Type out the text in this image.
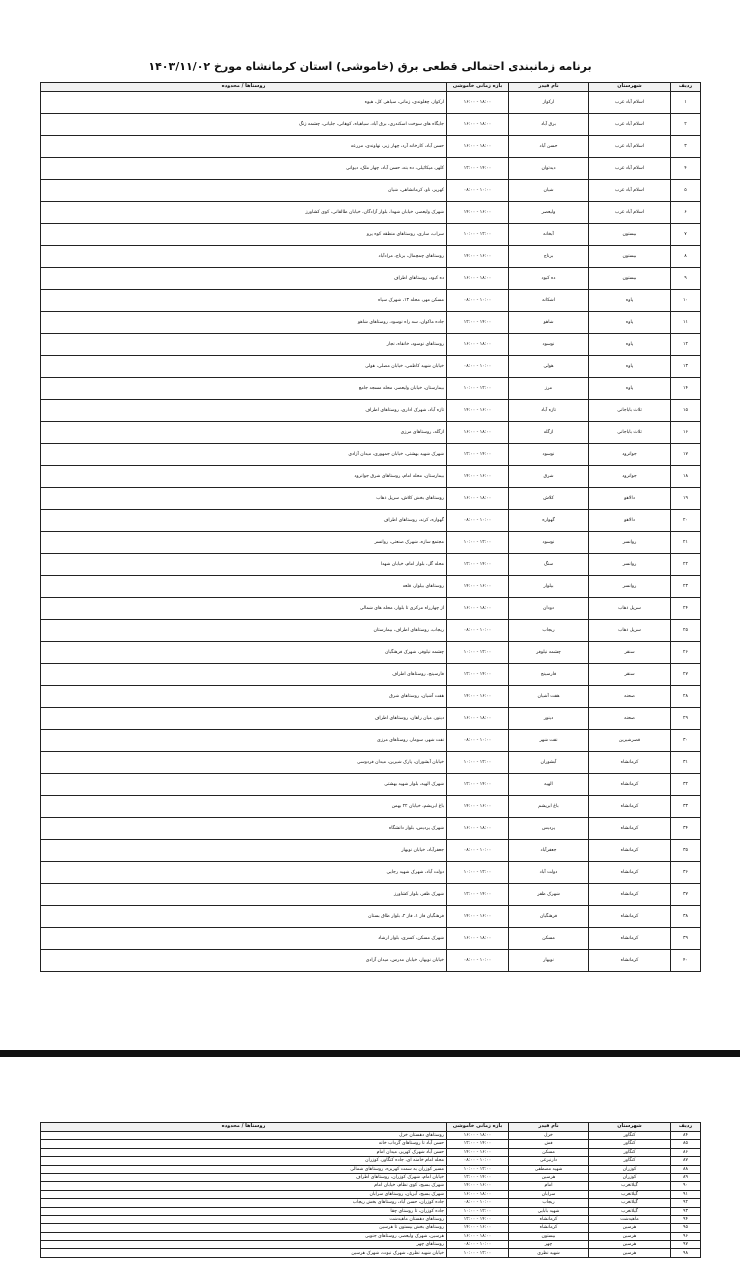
برنامه زمانبندی احتمالی قطعی برق (خاموشی) استان کرمانشاه مورخ ۱۴۰۳/۱۱/۰۲
ردیف	شهرستان	نام فیدر	بازه زمانی خاموشی	روستاها / محدوده
۱	اسلام آباد غرب	ارکواز	۱۸:۰۰ - ۱۶:۰۰	ارکواز، چغلوندی، زمانی، سیاهی کل، هیوه
۲	اسلام آباد غرب	برق آباد	۱۸:۰۰ - ۱۶:۰۰	جایگاه های سوخت اسکندری، برق آباد، سیاهیاه، کوهانی، جلیانی، چشمه زنگ
۳	اسلام آباد غرب	حسن آباد	۱۸:۰۰ - ۱۶:۰۰	حسن آباد، کارخانه آرد، چهار زبر، نهاوندی، مزرعه
۴	اسلام آباد غرب	دیدتوان	۱۴:۰۰ - ۱۲:۰۰	کلهر، میکائیلی، ده بنه، حسن آباد، چهار ملک، دیوانی
۵	اسلام آباد غرب	شیان	۱۰:۰۰ - ۰۸:۰۰	کهریز، ناو، کرمانشاهی، شیان
۶	اسلام آباد غرب	ولیعصر	۱۶:۰۰ - ۱۴:۰۰	شهرک ولیعصر، خیابان شهدا، بلوار آزادگان، خیابان طالقانی، کوی کشاورز
۷	بیستون	آبخانه	۱۲:۰۰ - ۱۰:۰۰	سراب، ساری، روستاهای منطقه کوه پرو
۸	بیستون	برناج	۱۶:۰۰ - ۱۴:۰۰	روستاهای چمچمال، برناج، مرادآباد
۹	بیستون	ده کبود	۱۸:۰۰ - ۱۶:۰۰	ده کبود، روستاهای اطراف
۱۰	پاوه	اشکانه	۱۰:۰۰ - ۰۸:۰۰	مسکن مهر، محله ۱۳، شهرک سپاه
۱۱	پاوه	شاهو	۱۴:۰۰ - ۱۲:۰۰	جاده ماکوان، سه راه نوسود، روستاهای شاهو
۱۲	پاوه	نوسود	۱۸:۰۰ - ۱۶:۰۰	روستاهای نوسود، خانقاه، نجار
۱۳	پاوه	هولی	۱۰:۰۰ - ۰۸:۰۰	خیابان شهید کاظمی، خیابان مصلی، هولی
۱۴	پاوه	مرز	۱۲:۰۰ - ۱۰:۰۰	بیمارستان، خیابان ولیعصر، محله مسجد جامع
۱۵	ثلاث باباجانی	تازه آباد	۱۶:۰۰ - ۱۴:۰۰	تازه آباد، شهرک اداری، روستاهای اطراف
۱۶	ثلاث باباجانی	ازگله	۱۸:۰۰ - ۱۶:۰۰	ازگله، روستاهای مرزی
۱۷	جوانرود	نوسود	۱۴:۰۰ - ۱۲:۰۰	شهرک شهید بهشتی، خیابان جمهوری، میدان آزادی
۱۸	جوانرود	شرق	۱۶:۰۰ - ۱۴:۰۰	بیمارستان، محله امام، روستاهای شرق جوانرود
۱۹	دالاهو	کلاش	۱۸:۰۰ - ۱۶:۰۰	روستاهای بخش کلاش، سرپل ذهاب
۲۰	دالاهو	گهواره	۱۰:۰۰ - ۰۸:۰۰	گهواره، کرند، روستاهای اطراف
۲۱	روانسر	نوسود	۱۲:۰۰ - ۱۰:۰۰	مجتمع سازه، شهرک صنعتی، روانسر
۲۲	روانسر	سنگ	۱۴:۰۰ - ۱۲:۰۰	محله گل، بلوار امام، خیابان شهدا
۲۳	روانسر	بیلوار	۱۶:۰۰ - ۱۴:۰۰	روستاهای بیلوار، قلعه
۲۴	سرپل ذهاب	دودان	۱۸:۰۰ - ۱۶:۰۰	از چهارراه مرکزی تا بلوار، محله های شمالی
۲۵	سرپل ذهاب	ریجاب	۱۰:۰۰ - ۰۸:۰۰	ریجاب، روستاهای اطراف، بیمارستان
۲۶	سنقر	چشمه نیلوفر	۱۲:۰۰ - ۱۰:۰۰	چشمه نیلوفر، شهرک فرهنگیان
۲۷	سنقر	فارسینج	۱۴:۰۰ - ۱۲:۰۰	فارسینج، روستاهای اطراف
۲۸	صحنه	هفت آشیان	۱۶:۰۰ - ۱۴:۰۰	هفت آشیان، روستاهای شرق
۲۹	صحنه	دینور	۱۸:۰۰ - ۱۶:۰۰	دینور، میان راهان، روستاهای اطراف
۳۰	قصرشیرین	نفت شهر	۱۰:۰۰ - ۰۸:۰۰	نفت شهر، سومار، روستاهای مرزی
۳۱	کرمانشاه	آبشوران	۱۲:۰۰ - ۱۰:۰۰	خیابان آبشوران، پارک شیرین، میدان فردوسی
۳۲	کرمانشاه	الهیه	۱۴:۰۰ - ۱۲:۰۰	شهرک الهیه، بلوار شهید بهشتی
۳۳	کرمانشاه	باغ ابریشم	۱۶:۰۰ - ۱۴:۰۰	باغ ابریشم، خیابان ۲۲ بهمن
۳۴	کرمانشاه	پردیس	۱۸:۰۰ - ۱۶:۰۰	شهرک پردیس، بلوار دانشگاه
۳۵	کرمانشاه	جعفرآباد	۱۰:۰۰ - ۰۸:۰۰	جعفرآباد، خیابان نوبهار
۳۶	کرمانشاه	دولت آباد	۱۲:۰۰ - ۱۰:۰۰	دولت آباد، شهرک شهید رجایی
۳۷	کرمانشاه	شهرک ظفر	۱۴:۰۰ - ۱۲:۰۰	شهرک ظفر، بلوار کشاورز
۳۸	کرمانشاه	فرهنگیان	۱۶:۰۰ - ۱۴:۰۰	فرهنگیان فاز ۱، فاز ۲، بلوار طاق بستان
۳۹	کرمانشاه	مسکن	۱۸:۰۰ - ۱۶:۰۰	شهرک مسکن، کسری، بلوار ارشاد
۴۰	کرمانشاه	نوبهار	۱۰:۰۰ - ۰۸:۰۰	خیابان نوبهار، خیابان مدرس، میدان آزادی
ردیف	شهرستان	نام فیدر	بازه زمانی خاموشی	روستاها / محدوده
۸۴	کنگاور	خزل	۱۸:۰۰ - ۱۶:۰۰	روستاهای دهستان خزل
۸۵	کنگاور	فش	۱۴:۰۰ - ۱۲:۰۰	حسن آباد تا روستاهای گرداب خانه
۸۶	کنگاور	مسکن	۱۶:۰۰ - ۱۴:۰۰	حسن آباد شهرک کهریز، میدان امام
۸۷	کنگاور	دارنبرغی	۱۰:۰۰ - ۰۸:۰۰	محله امام خامنه ای، جاده کنگاور، کوزران
۸۸	کوزران	شهید مصطفی	۱۲:۰۰ - ۱۰:۰۰	مسیر کوزران به سمت کهریزه، روستاهای شمالی
۸۹	کوزران	هرسین	۱۴:۰۰ - ۱۲:۰۰	خیابان امام، شهرک کوزران، روستاهای اطراف
۹۰	گیلانغرب	امام	۱۶:۰۰ - ۱۴:۰۰	شهرک بسیج، کوی نظام، خیابان امام
۹۱	گیلانغرب	سرابان	۱۸:۰۰ - ۱۶:۰۰	شهرک بسیج، آبزیان، روستاهای سرابان
۹۲	گیلانغرب	ریجاب	۱۰:۰۰ - ۰۸:۰۰	جاده کوزران، حسن آباد، روستاهای بخش ریجاب
۹۳	گیلانغرب	شهید بابایی	۱۲:۰۰ - ۱۰:۰۰	جاده کوزران، تا روستای چقا
۹۴	ماهیدشت	کرمانشاه	۱۴:۰۰ - ۱۲:۰۰	روستاهای دهستان ماهیدشت
۹۵	هرسین	کرمانشاه	۱۶:۰۰ - ۱۴:۰۰	روستاهای بخش بیستون تا هرسین
۹۶	هرسین	بیستون	۱۸:۰۰ - ۱۶:۰۰	هرسین، شهرک ولیعصر، روستاهای جنوبی
۹۷	هرسین	چهر	۱۰:۰۰ - ۰۸:۰۰	روستاهای چهر
۹۸	هرسین	شهید نظری	۱۲:۰۰ - ۱۰:۰۰	خیابان شهید نظری، شهرک نبوت، شهرک هرسین
